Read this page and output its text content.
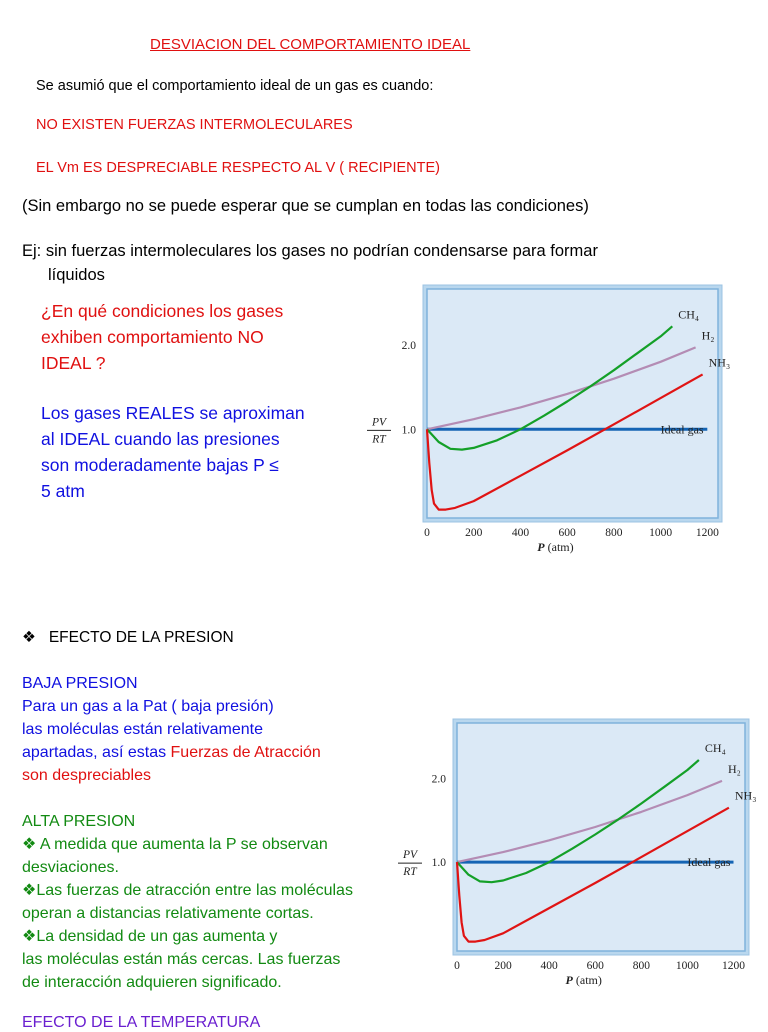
DESVIACION DEL COMPORTAMIENTO IDEAL

Se asumió que el comportamiento ideal de un gas es cuando:

NO EXISTEN FUERZAS INTERMOLECULARES

EL Vm ES DESPRECIABLE RESPECTO AL V ( RECIPIENTE)

(Sin embargo no se puede esperar que se cumplan en todas las condiciones)

Ej: sin fuerzas intermoleculares los gases no podrían condensarse para formar

líquidos

¿En qué condiciones los gases
exhiben comportamiento NO
IDEAL ?
Los gases REALES se aproximan
al IDEAL cuando las presiones
son moderadamente bajas P ≤
5 atm
1.0
2.0
0	200	400	600	800 1000 1200
P (atm)
PV
RT
Ideal gas
H₂
CH₄
NH₃

❖ EFECTO DE LA PRESION

BAJA PRESION
Para un gas a la Pat ( baja presión)
las moléculas están relativamente
apartadas, así estas Fuerzas de Atracción
son despreciables
ALTA PRESION
❖ A medida que aumenta la P se observan
desviaciones.
❖Las fuerzas de atracción entre las moléculas
operan a distancias relativamente cortas.
❖La densidad de un gas aumenta y
las moléculas están más cercas. Las fuerzas
de interacción adquieren significado.
1.0
2.0
0	200	400	600	800 1000 1200
P (atm)
PV
RT
Ideal gas
H₂
CH₄
NH₃

EFECTO DE LA TEMPERATURA
